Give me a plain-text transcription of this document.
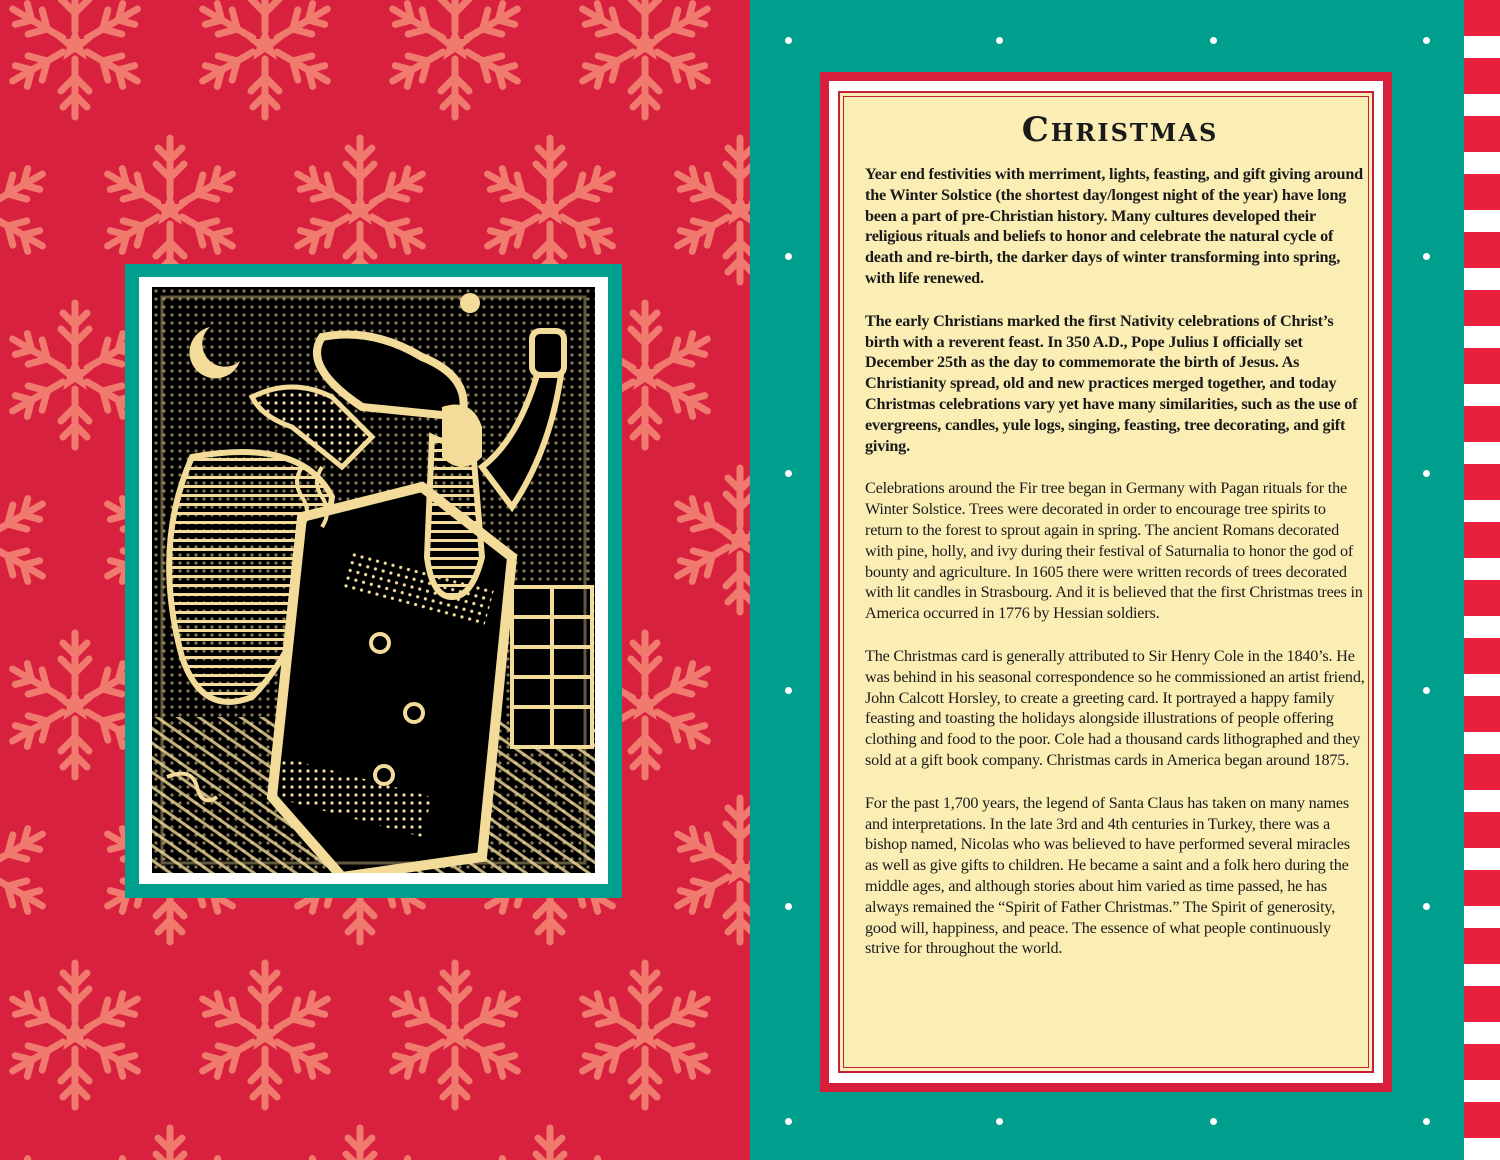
Christmas

Year end festivities with merriment, lights, feasting, and gift giving around the Winter Solstice (the shortest day/longest night of the year) have long been a part of pre-Christian history. Many cultures developed their religious rituals and beliefs to honor and celebrate the natural cycle of death and re-birth, the darker days of winter transforming into spring, with life renewed.

The early Christians marked the first Nativity celebrations of Christ’s birth with a reverent feast. In 350 A.D., Pope Julius I officially set December 25th as the day to commemorate the birth of Jesus. As Christianity spread, old and new practices merged together, and today Christmas celebrations vary yet have many similarities, such as the use of evergreens, candles, yule logs, singing, feasting, tree decorating, and gift giving.

Celebrations around the Fir tree began in Germany with Pagan rituals for the Winter Solstice. Trees were decorated in order to encourage tree spirits to return to the forest to sprout again in spring. The ancient Romans decorated with pine, holly, and ivy during their festival of Saturnalia to honor the god of bounty and agriculture. In 1605 there were written records of trees decorated with lit candles in Strasbourg. And it is believed that the first Christmas trees in America occurred in 1776 by Hessian soldiers.

The Christmas card is generally attributed to Sir Henry Cole in the 1840’s. He was behind in his seasonal correspondence so he commissioned an artist friend, John Calcott Horsley, to create a greeting card. It portrayed a happy family feasting and toasting the holidays alongside illustrations of people offering clothing and food to the poor. Cole had a thousand cards lithographed and they sold at a gift book company. Christmas cards in America began around 1875.

For the past 1,700 years, the legend of Santa Claus has taken on many names and interpretations. In the late 3rd and 4th centuries in Turkey, there was a bishop named, Nicolas who was believed to have performed several miracles as well as give gifts to children. He became a saint and a folk hero during the middle ages, and although stories about him varied as time passed, he has always remained the “Spirit of Father Christmas.” The Spirit of generosity, good will, happiness, and peace. The essence of what people continuously strive for throughout the world.
